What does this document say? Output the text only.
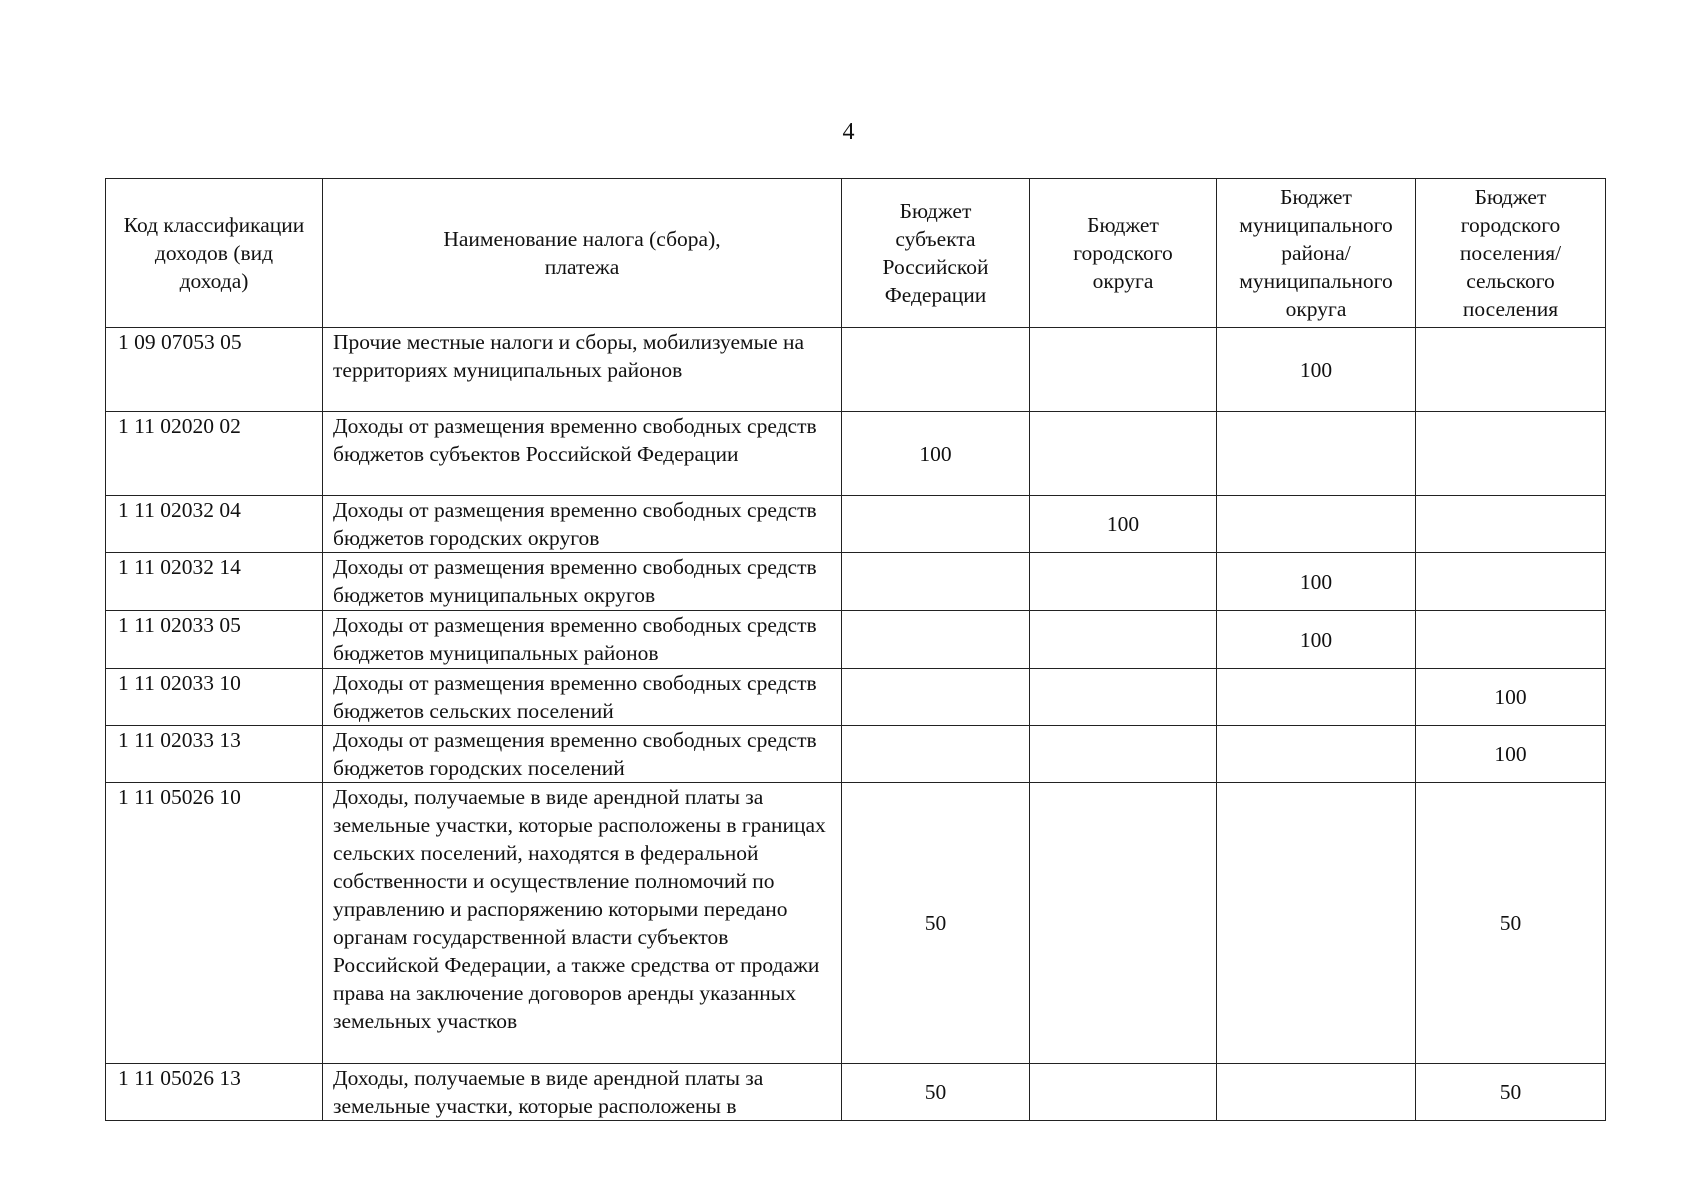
4
Код классификации доходов (вид дохода)	Наименование налога (сбора), платежа	Бюджет субъекта Российской Федерации	Бюджет городского округа	Бюджет муниципального района/ муниципального округа	Бюджет городского поселения/ сельского поселения
1 09 07053 05	Прочие местные налоги и сборы, мобилизуемые на территориях муниципальных районов			100	
1 11 02020 02	Доходы от размещения временно свободных средств бюджетов субъектов Российской Федерации	100			
1 11 02032 04	Доходы от размещения временно свободных средств бюджетов городских округов		100		
1 11 02032 14	Доходы от размещения временно свободных средств бюджетов муниципальных округов			100	
1 11 02033 05	Доходы от размещения временно свободных средств бюджетов муниципальных районов			100	
1 11 02033 10	Доходы от размещения временно свободных средств бюджетов сельских поселений				100
1 11 02033 13	Доходы от размещения временно свободных средств бюджетов городских поселений				100
1 11 05026 10	Доходы, получаемые в виде арендной платы за земельные участки, которые расположены в границах сельских поселений, находятся в федеральной собственности и осуществление полномочий по управлению и распоряжению которыми передано органам государственной власти субъектов Российской Федерации, а также средства от продажи права на заключение договоров аренды указанных земельных участков	50			50
1 11 05026 13	Доходы, получаемые в виде арендной платы за земельные участки, которые расположены в	50			50
